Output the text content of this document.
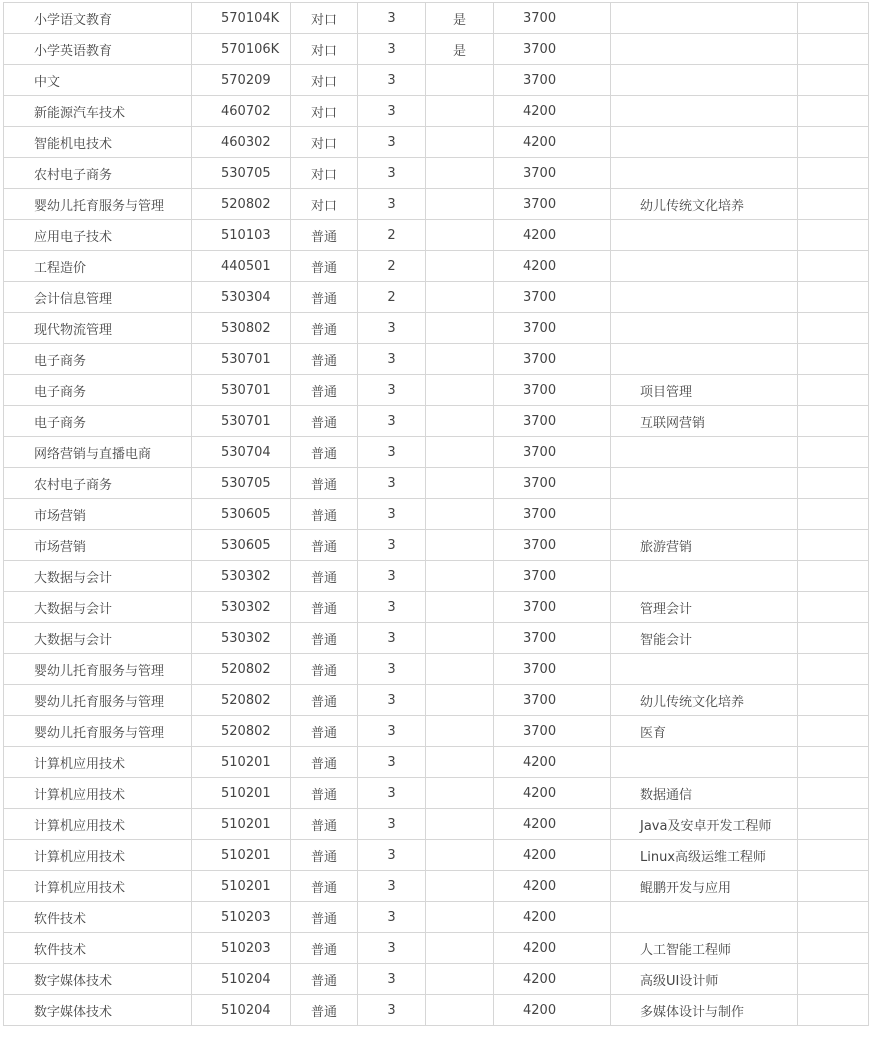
小学语文教育	570104K	对口	3	是	3700		
小学英语教育	570106K	对口	3	是	3700		
中文	570209	对口	3		3700		
新能源汽车技术	460702	对口	3		4200		
智能机电技术	460302	对口	3		4200		
农村电子商务	530705	对口	3		3700		
婴幼儿托育服务与管理	520802	对口	3		3700	幼儿传统文化培养	
应用电子技术	510103	普通	2		4200		
工程造价	440501	普通	2		4200		
会计信息管理	530304	普通	2		3700		
现代物流管理	530802	普通	3		3700		
电子商务	530701	普通	3		3700		
电子商务	530701	普通	3		3700	项目管理	
电子商务	530701	普通	3		3700	互联网营销	
网络营销与直播电商	530704	普通	3		3700		
农村电子商务	530705	普通	3		3700		
市场营销	530605	普通	3		3700		
市场营销	530605	普通	3		3700	旅游营销	
大数据与会计	530302	普通	3		3700		
大数据与会计	530302	普通	3		3700	管理会计	
大数据与会计	530302	普通	3		3700	智能会计	
婴幼儿托育服务与管理	520802	普通	3		3700		
婴幼儿托育服务与管理	520802	普通	3		3700	幼儿传统文化培养	
婴幼儿托育服务与管理	520802	普通	3		3700	医育	
计算机应用技术	510201	普通	3		4200		
计算机应用技术	510201	普通	3		4200	数据通信	
计算机应用技术	510201	普通	3		4200	Java及安卓开发工程师	
计算机应用技术	510201	普通	3		4200	Linux高级运维工程师	
计算机应用技术	510201	普通	3		4200	鲲鹏开发与应用	
软件技术	510203	普通	3		4200		
软件技术	510203	普通	3		4200	人工智能工程师	
数字媒体技术	510204	普通	3		4200	高级UI设计师	
数字媒体技术	510204	普通	3		4200	多媒体设计与制作	
